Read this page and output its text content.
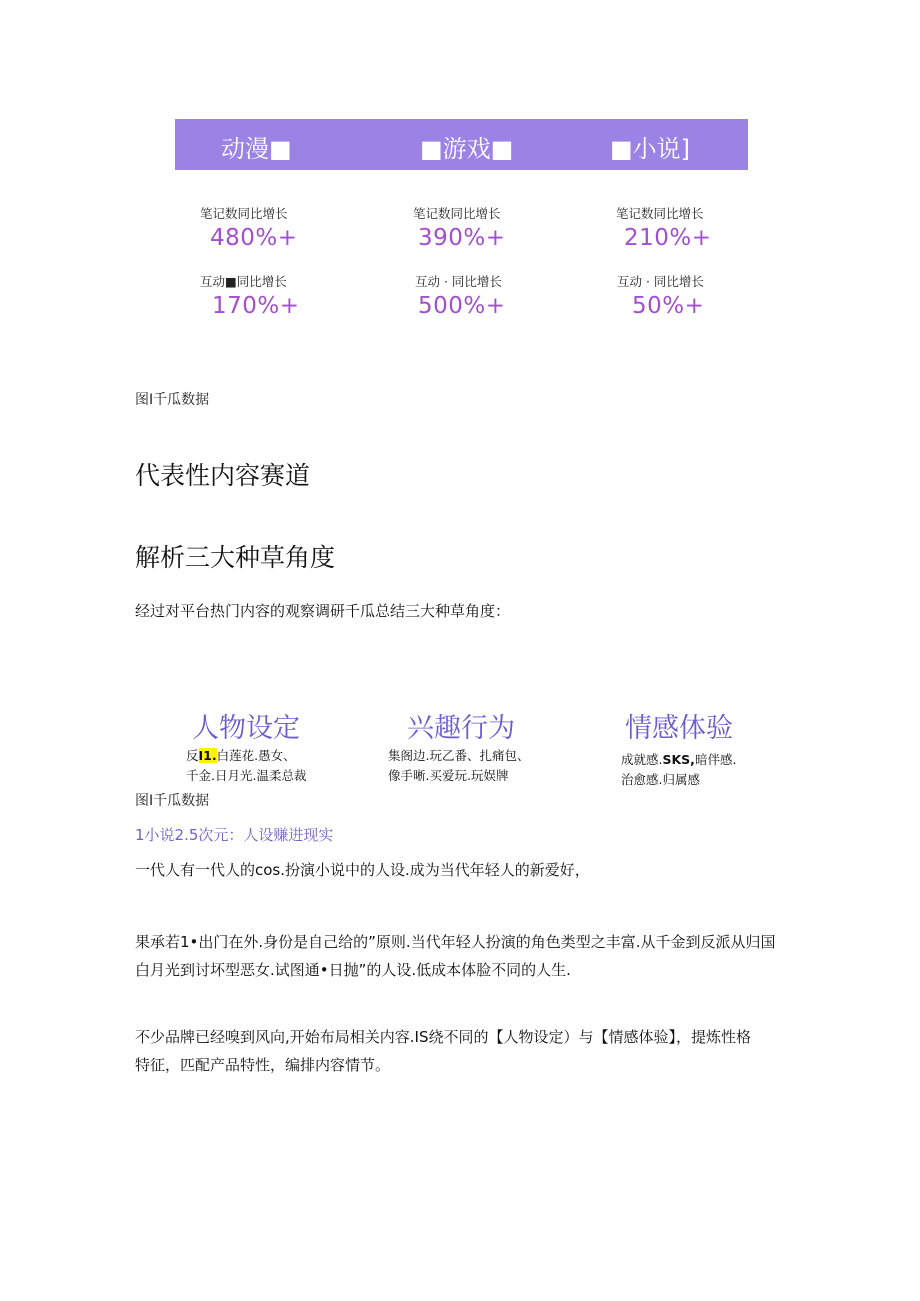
动漫■	■游戏■	■小说]
笔记数同比增长
480%+
互动■同比增长
170%+
笔记数同比增长
390%+
互动 · 同比增长
500%+
笔记数同比增长
210%+
互动 · 同比增长
50%+
图I千瓜数据
代表性内容赛道
解析三大种草角度
经过对平台热门内容的观察调研千瓜总结三大种草角度：
人物设定
反I1.白莲花.愚女、
千金.日月光.温柔总裁
兴趣行为
集阁边.玩乙番、扎痛包、
像手晰.买爱玩.玩娱牌
情感体验
成就感.SKS,暗伴感.
治愈感.归属感
图I千瓜数据
1小说2.5次元：人设赚进现实
一代人有一代人的cos.扮演小说中的人设.成为当代年轻人的新爱好，
果承若1•出门在外.身份是自己给的”原则.当代年轻人扮演的角色类型之丰富.从千金到反派从归国
白月光到讨坏型恶女.试图通•日抛”的人设.低成本体脸不同的人生.
不少品牌已经嗅到风向,开始布局相关内容.IS绕不同的【人物设定）与【情感体验】，提炼性格
特征，匹配产品特性，编排内容情节。
